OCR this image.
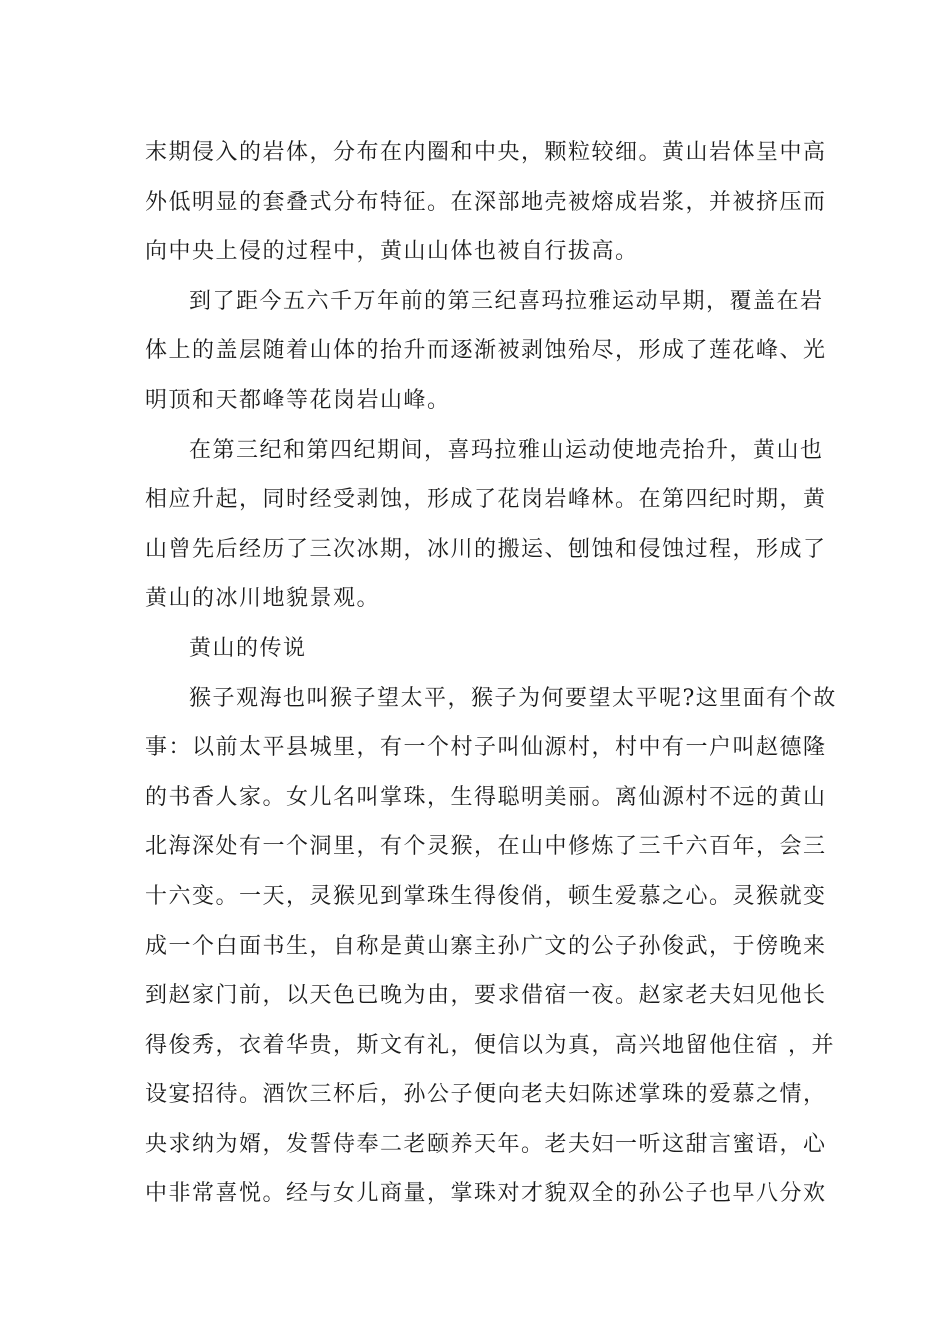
末期侵入的岩体，分布在内圈和中央，颗粒较细。黄山岩体呈中高
外低明显的套叠式分布特征。在深部地壳被熔成岩浆，并被挤压而
向中央上侵的过程中，黄山山体也被自行拔高。
到了距今五六千万年前的第三纪喜玛拉雅运动早期，覆盖在岩
体上的盖层随着山体的抬升而逐渐被剥蚀殆尽，形成了莲花峰、光
明顶和天都峰等花岗岩山峰。
在第三纪和第四纪期间，喜玛拉雅山运动使地壳抬升，黄山也
相应升起，同时经受剥蚀，形成了花岗岩峰林。在第四纪时期，黄
山曾先后经历了三次冰期，冰川的搬运、刨蚀和侵蚀过程，形成了
黄山的冰川地貌景观。
黄山的传说
猴子观海也叫猴子望太平，猴子为何要望太平呢?这里面有个故
事：以前太平县城里，有一个村子叫仙源村，村中有一户叫赵德隆
的书香人家。女儿名叫掌珠，生得聪明美丽。离仙源村不远的黄山
北海深处有一个洞里，有个灵猴，在山中修炼了三千六百年，会三
十六变。一天，灵猴见到掌珠生得俊俏，顿生爱慕之心。灵猴就变
成一个白面书生，自称是黄山寨主孙广文的公子孙俊武，于傍晚来
到赵家门前，以天色已晚为由，要求借宿一夜。赵家老夫妇见他长
得俊秀，衣着华贵，斯文有礼，便信以为真，高兴地留他住宿 ，并
设宴招待。酒饮三杯后，孙公子便向老夫妇陈述掌珠的爱慕之情，
央求纳为婿，发誓侍奉二老颐养天年。老夫妇一听这甜言蜜语，心
中非常喜悦。经与女儿商量，掌珠对才貌双全的孙公子也早八分欢
